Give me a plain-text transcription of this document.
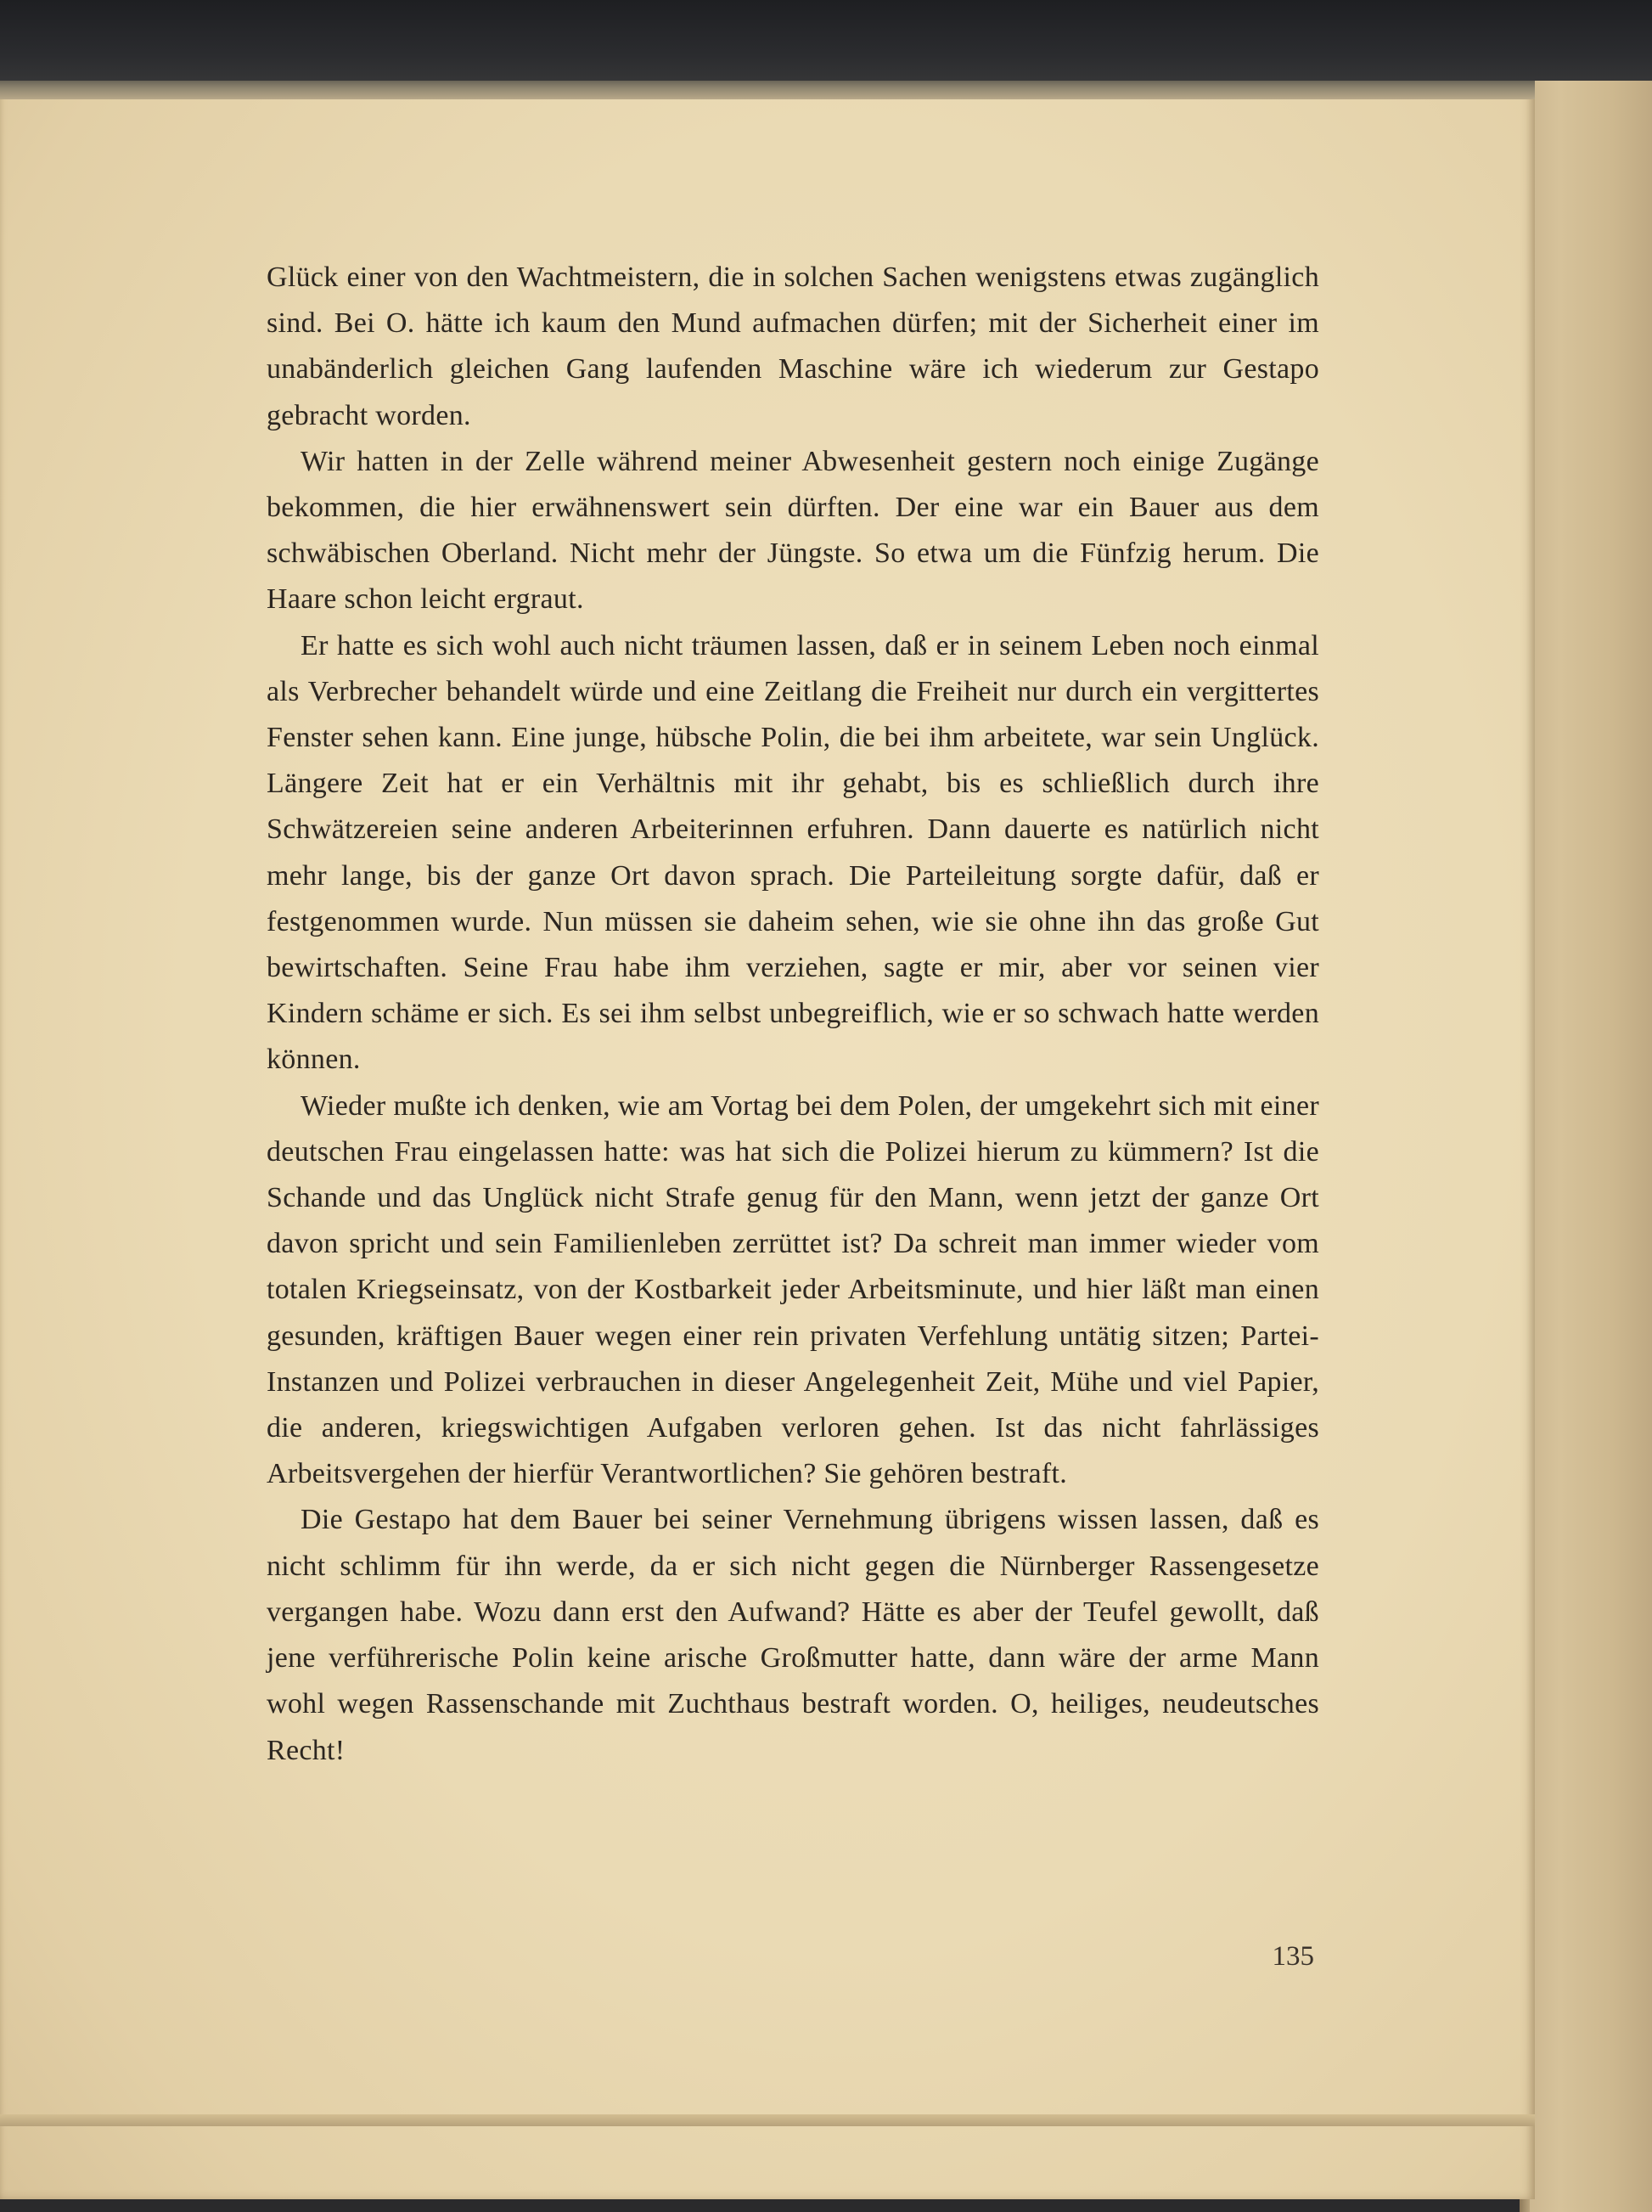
Glück einer von den Wachtmeistern, die in solchen Sachen wenigstens etwas zugänglich sind. Bei O. hätte ich kaum den Mund aufmachen dürfen; mit der Sicherheit einer im unabänderlich gleichen Gang laufenden Maschine wäre ich wiederum zur Gestapo gebracht worden.

Wir hatten in der Zelle während meiner Abwesenheit gestern noch einige Zugänge bekommen, die hier erwähnenswert sein dürften. Der eine war ein Bauer aus dem schwäbischen Oberland. Nicht mehr der Jüngste. So etwa um die Fünfzig herum. Die Haare schon leicht ergraut.

Er hatte es sich wohl auch nicht träumen lassen, daß er in seinem Leben noch einmal als Verbrecher behandelt würde und eine Zeitlang die Freiheit nur durch ein vergittertes Fenster sehen kann. Eine junge, hübsche Polin, die bei ihm arbeitete, war sein Unglück. Längere Zeit hat er ein Verhältnis mit ihr gehabt, bis es schließlich durch ihre Schwätzereien seine anderen Arbeiterinnen erfuhren. Dann dauerte es natürlich nicht mehr lange, bis der ganze Ort davon sprach. Die Parteileitung sorgte dafür, daß er festgenommen wurde. Nun müssen sie daheim sehen, wie sie ohne ihn das große Gut bewirtschaften. Seine Frau habe ihm verziehen, sagte er mir, aber vor seinen vier Kindern schäme er sich. Es sei ihm selbst unbegreiflich, wie er so schwach hatte werden können.

Wieder mußte ich denken, wie am Vortag bei dem Polen, der umgekehrt sich mit einer deutschen Frau eingelassen hatte: was hat sich die Polizei hierum zu kümmern? Ist die Schande und das Unglück nicht Strafe genug für den Mann, wenn jetzt der ganze Ort davon spricht und sein Familienleben zerrüttet ist? Da schreit man immer wieder vom totalen Kriegseinsatz, von der Kostbarkeit jeder Arbeitsminute, und hier läßt man einen gesunden, kräftigen Bauer wegen einer rein privaten Verfehlung untätig sitzen; Partei-Instanzen und Polizei verbrauchen in dieser Angelegenheit Zeit, Mühe und viel Papier, die anderen, kriegswichtigen Aufgaben verloren gehen. Ist das nicht fahrlässiges Arbeitsvergehen der hierfür Verantwortlichen? Sie gehören bestraft.

Die Gestapo hat dem Bauer bei seiner Vernehmung übrigens wissen lassen, daß es nicht schlimm für ihn werde, da er sich nicht gegen die Nürnberger Rassengesetze vergangen habe. Wozu dann erst den Aufwand? Hätte es aber der Teufel gewollt, daß jene verführerische Polin keine arische Großmutter hatte, dann wäre der arme Mann wohl wegen Rassenschande mit Zuchthaus bestraft worden. O, heiliges, neudeutsches Recht!

135
